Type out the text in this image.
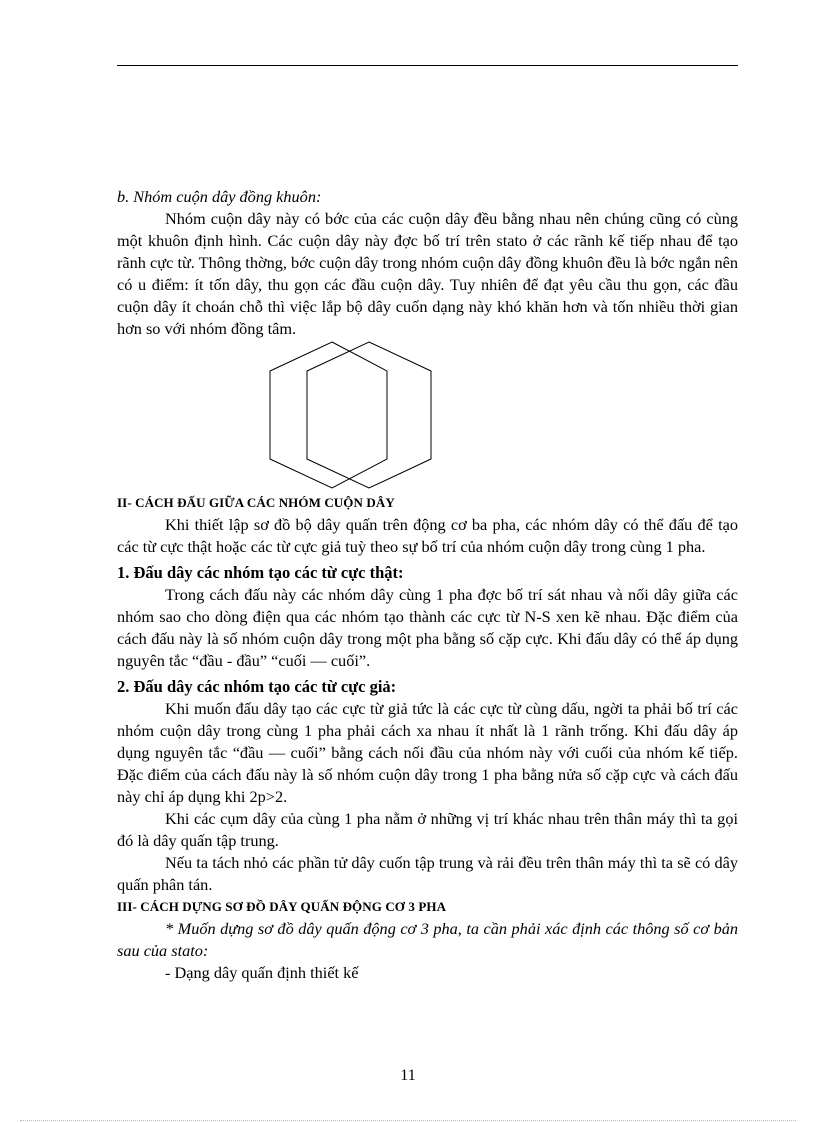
b. Nhóm cuộn dây đồng khuôn:

Nhóm cuộn dây này có bớc của các cuộn dây đều bằng nhau nên chúng cũng có cùng một khuôn định hình. Các cuộn dây này đợc bố trí trên stato ở các rãnh kế tiếp nhau để tạo rãnh cực từ. Thông thờng, bớc cuộn dây trong nhóm cuộn dây đồng khuôn đều là bớc ngắn nên có u điểm: ít tốn dây, thu gọn các đầu cuộn dây. Tuy nhiên để đạt yêu cầu thu gọn, các đầu cuộn dây ít choán chỗ thì việc lắp bộ dây cuốn dạng này khó khăn hơn và tốn nhiều thời gian hơn so với nhóm đồng tâm.

II- CÁCH ĐẤU GIỮA CÁC NHÓM CUỘN DÂY

Khi thiết lập sơ đồ bộ dây quấn trên động cơ ba pha, các nhóm dây có thể đấu để tạo các từ cực thật hoặc các từ cực giả tuỳ theo sự bố trí của nhóm cuộn dây trong cùng 1 pha.

1. Đấu dây các nhóm tạo các từ cực thật:

Trong cách đấu này các nhóm dây cùng 1 pha đợc bố trí sát nhau và nối dây giữa các nhóm sao cho dòng điện qua các nhóm tạo thành các cực từ N-S xen kẽ nhau. Đặc điểm của cách đấu này là số nhóm cuộn dây trong một pha bằng số cặp cực. Khi đấu dây có thể áp dụng nguyên tắc “đầu - đầu” “cuối — cuối”.

2. Đấu dây các nhóm tạo các từ cực giả:

Khi muốn đấu dây tạo các cực từ giả tức là các cực từ cùng dấu, ngời ta phải bố trí các nhóm cuộn dây trong cùng 1 pha phải cách xa nhau ít nhất là 1 rãnh trống. Khi đấu dây áp dụng nguyên tắc “đầu — cuối” bằng cách nối đầu của nhóm này với cuối của nhóm kế tiếp. Đặc điểm của cách đấu này là số nhóm cuộn dây trong 1 pha bằng nửa số cặp cực và cách đấu này chỉ áp dụng khi 2p>2.

Khi các cụm dây của cùng 1 pha nằm ở những vị trí khác nhau trên thân máy thì ta gọi đó là dây quấn tập trung.

Nếu ta tách nhỏ các phần tử dây cuốn tập trung và rải đều trên thân máy thì ta sẽ có dây quấn phân tán.

III- CÁCH DỰNG SƠ ĐỒ DÂY QUẤN ĐỘNG CƠ 3 PHA

* Muốn dựng sơ đồ dây quấn động cơ 3 pha, ta cần phải xác định các thông số cơ bản sau của stato:

- Dạng dây quấn định thiết kế

11
